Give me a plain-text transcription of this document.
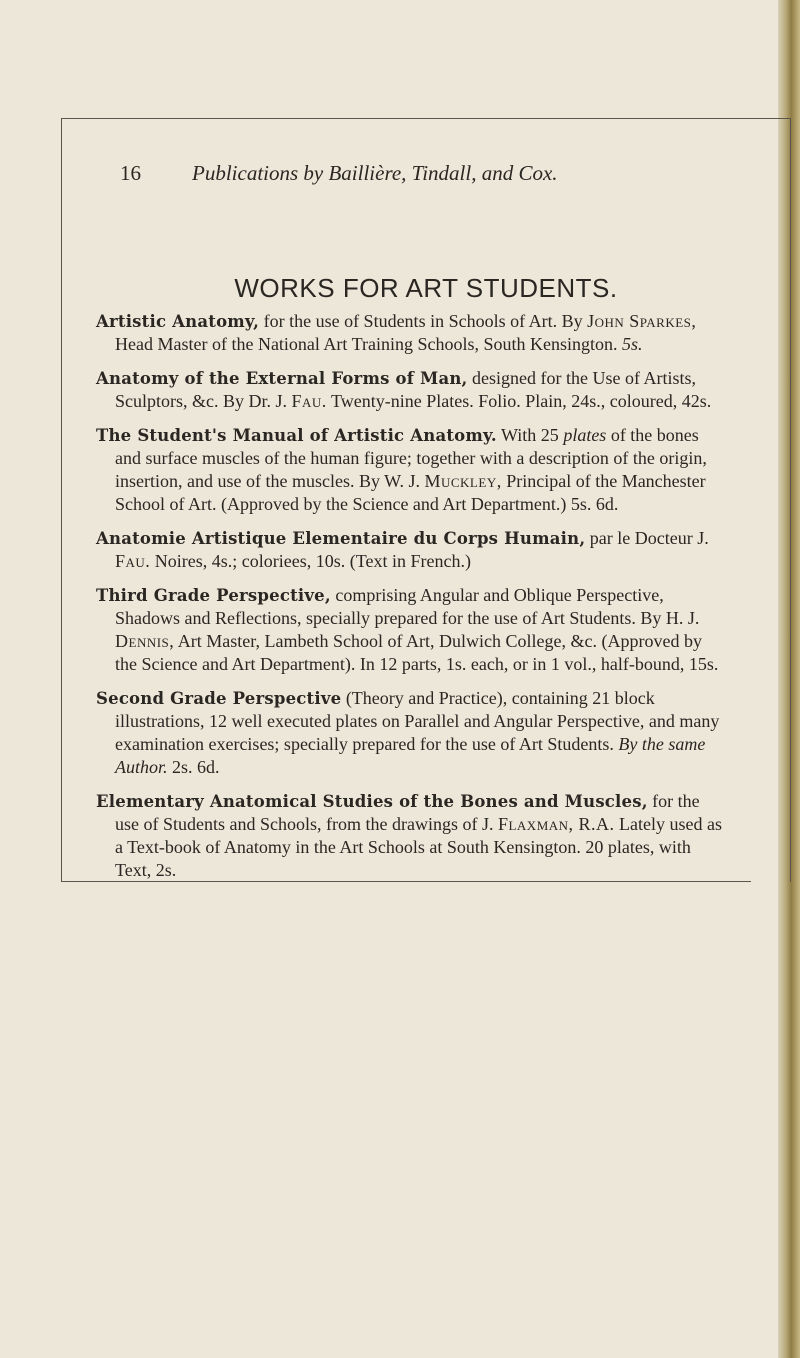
16 Publications by Baillière, Tindall, and Cox.
WORKS FOR ART STUDENTS.

Artistic Anatomy, for the use of Students in Schools of Art. By John Sparkes, Head Master of the National Art Training Schools, South Kensington. 5s.

Anatomy of the External Forms of Man, designed for the Use of Artists, Sculptors, &c. By Dr. J. Fau. Twenty-nine Plates. Folio. Plain, 24s., coloured, 42s.

The Student's Manual of Artistic Anatomy. With 25 plates of the bones and surface muscles of the human figure; together with a description of the origin, insertion, and use of the muscles. By W. J. Muckley, Principal of the Manchester School of Art. (Approved by the Science and Art Department.) 5s. 6d.

Anatomie Artistique Elementaire du Corps Humain, par le Docteur J. Fau. Noires, 4s.; coloriees, 10s. (Text in French.)

Third Grade Perspective, comprising Angular and Oblique Perspective, Shadows and Reflections, specially prepared for the use of Art Students. By H. J. Dennis, Art Master, Lambeth School of Art, Dulwich College, &c. (Approved by the Science and Art Department). In 12 parts, 1s. each, or in 1 vol., half-bound, 15s.

Second Grade Perspective (Theory and Practice), containing 21 block illustrations, 12 well executed plates on Parallel and Angular Perspective, and many examination exercises; specially prepared for the use of Art Students. By the same Author. 2s. 6d.

Elementary Anatomical Studies of the Bones and Muscles, for the use of Students and Schools, from the drawings of J. Flaxman, R.A. Lately used as a Text-book of Anatomy in the Art Schools at South Kensington. 20 plates, with Text, 2s.
